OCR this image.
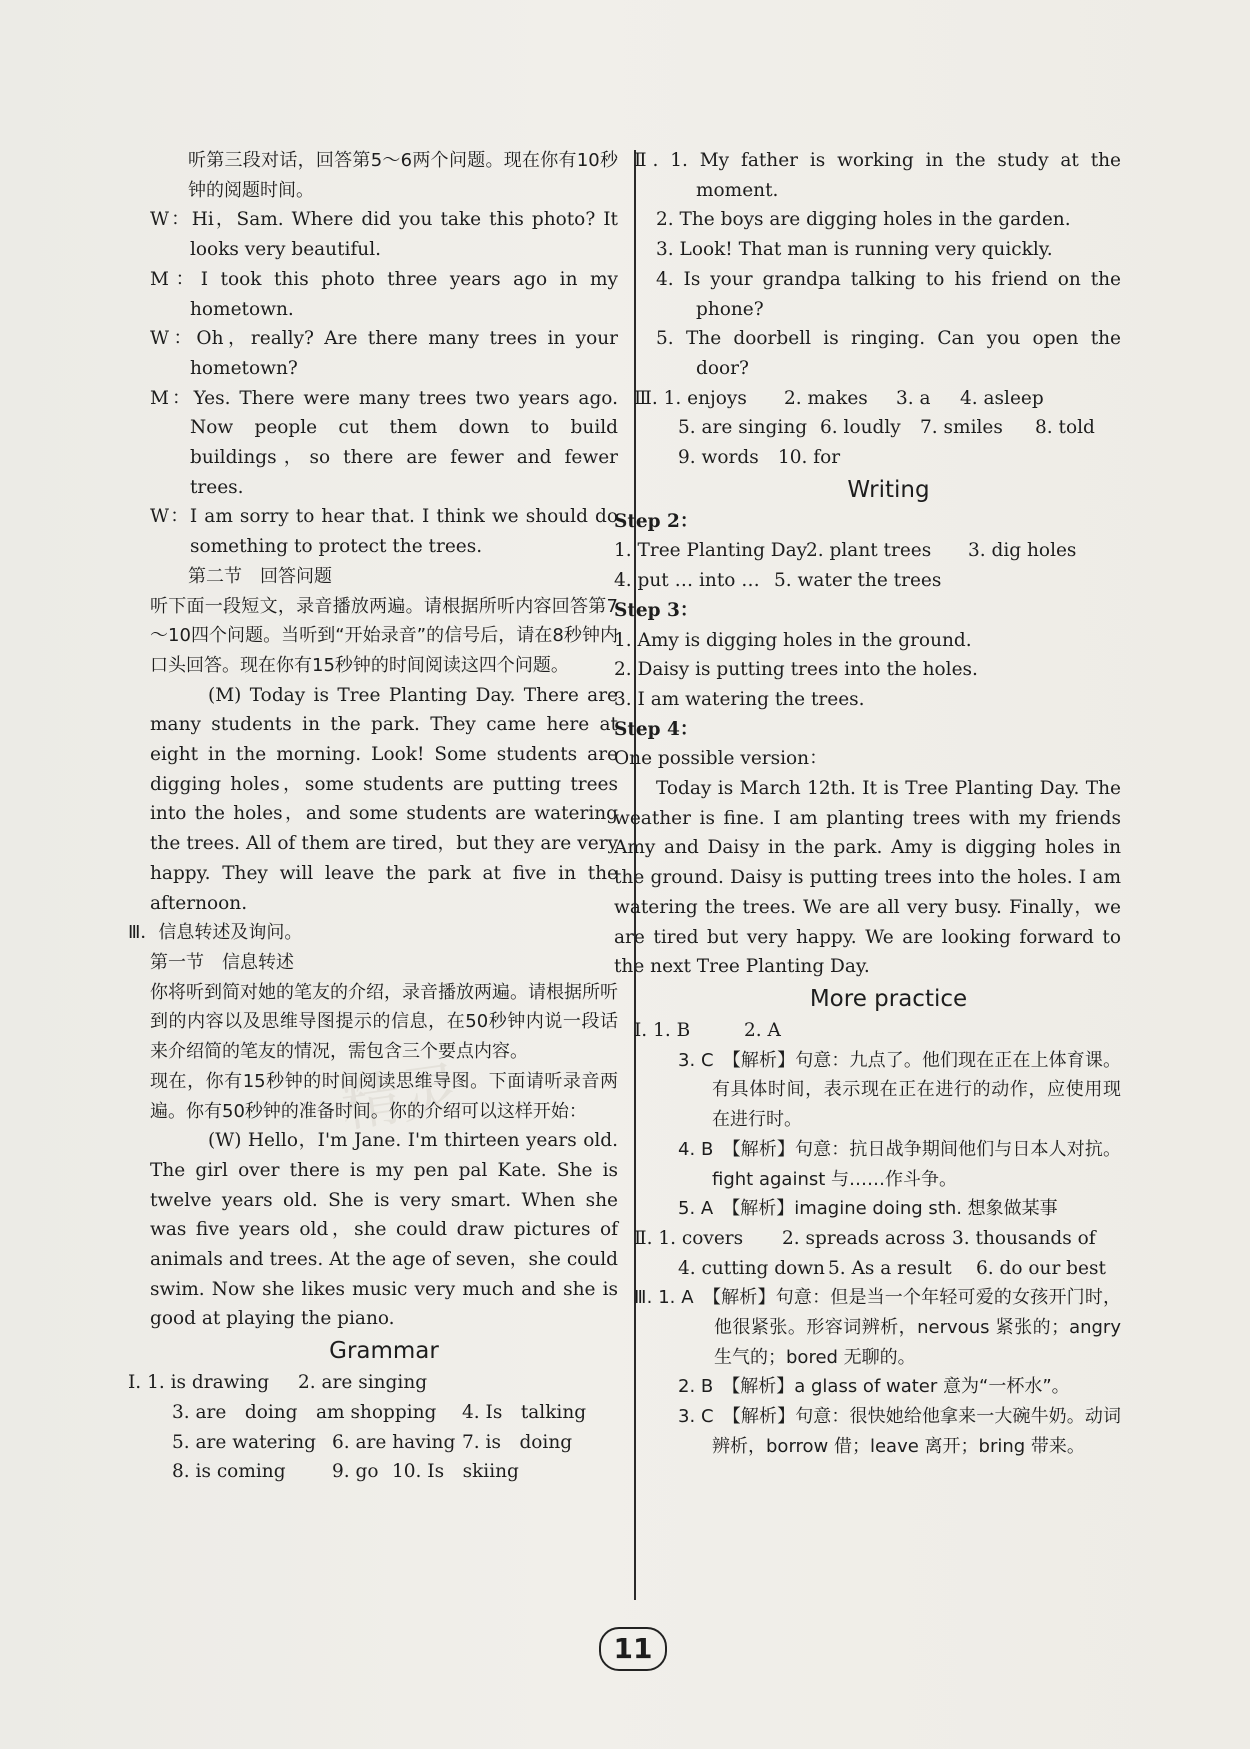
精灵

听第三段对话，回答第5～6两个问题。现在你有10秒钟的阅题时间。

W：Hi，Sam. Where did you take this photo? It looks very beautiful.

M：I took this photo three years ago in my hometown.

W：Oh，really? Are there many trees in your hometown?

M：Yes. There were many trees two years ago. Now people cut them down to build buildings，so there are fewer and fewer trees.

W：I am sorry to hear that. I think we should do something to protect the trees.

第二节　回答问题

听下面一段短文，录音播放两遍。请根据所听内容回答第7～10四个问题。当听到“开始录音”的信号后，请在8秒钟内口头回答。现在你有15秒钟的时间阅读这四个问题。

(M) Today is Tree Planting Day. There are many students in the park. They came here at eight in the morning. Look! Some students are digging holes，some students are putting trees into the holes，and some students are watering the trees. All of them are tired，but they are very happy. They will leave the park at five in the afternoon.

Ⅲ．信息转述及询问。

第一节　信息转述

你将听到简对她的笔友的介绍，录音播放两遍。请根据所听到的内容以及思维导图提示的信息，在50秒钟内说一段话来介绍简的笔友的情况，需包含三个要点内容。

现在，你有15秒钟的时间阅读思维导图。下面请听录音两遍。你有50秒钟的准备时间。你的介绍可以这样开始：

(W) Hello，I'm Jane. I'm thirteen years old. The girl over there is my pen pal Kate. She is twelve years old. She is very smart. When she was five years old，she could draw pictures of animals and trees. At the age of seven，she could swim. Now she likes music very much and she is good at playing the piano.

Grammar
Ⅰ. 1. is drawing	2. are singing
3. are　doing　am shopping	4. Is　talking
5. are watering 6. are having 7. is　doing
8. is coming	9. go 10. Is　skiing

Ⅱ. 1. My father is working in the study at the moment.

2. The boys are digging holes in the garden.

3. Look! That man is running very quickly.

4. Is your grandpa talking to his friend on the phone?

5. The doorbell is ringing. Can you open the door?

Ⅲ. 1. enjoys	2. makes	3. a	4. asleep
5. are singing 6. loudly	7. smiles	8. told
9. words	10. for
Writing
Step 2：
1. Tree Planting Day
2. plant trees	3. dig holes
4. put … into … 5. water the trees
Step 3：
1. Amy is digging holes in the ground.
2. Daisy is putting trees into the holes.
3. I am watering the trees.
Step 4：
One possible version：

Today is March 12th. It is Tree Planting Day. The weather is fine. I am planting trees with my friends Amy and Daisy in the park. Amy is digging holes in the ground. Daisy is putting trees into the holes. I am watering the trees. We are all very busy. Finally，we are tired but very happy. We are looking forward to the next Tree Planting Day.

More practice
Ⅰ. 1. B	2. A

3. C　【解析】句意：九点了。他们现在正在上体育课。有具体时间，表示现在正在进行的动作，应使用现在进行时。

4. B　【解析】句意：抗日战争期间他们与日本人对抗。fight against 与……作斗争。

5. A　【解析】imagine doing sth. 想象做某事

Ⅱ. 1. covers	2. spreads across 3. thousands of
4. cutting down 5. As a result	6. do our best

Ⅲ. 1. A　【解析】句意：但是当一个年轻可爱的女孩开门时，他很紧张。形容词辨析，nervous 紧张的；angry 生气的；bored 无聊的。

2. B　【解析】a glass of water 意为“一杯水”。

3. C　【解析】句意：很快她给他拿来一大碗牛奶。动词辨析，borrow 借；leave 离开；bring 带来。

11
